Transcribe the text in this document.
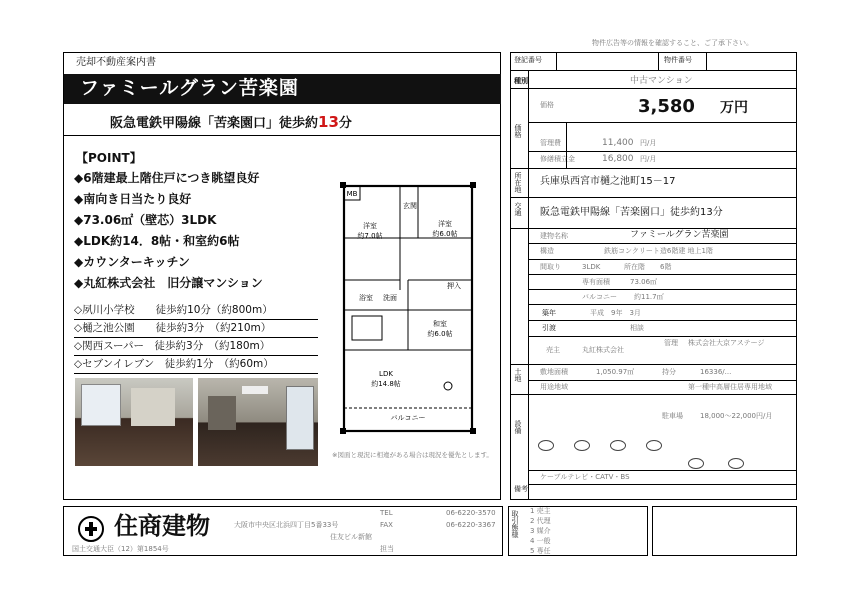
物件広告等の情報を確認すること、ご了承下さい。
売却不動産案内書
ファミールグラン苦楽園
阪急電鉄甲陽線「苦楽園口」徒歩約13分
【POINT】
◆6階建最上階住戸につき眺望良好
◆南向き日当たり良好
◆73.06㎡（壁芯）3LDK
◆LDK約14．8帖・和室約6帖
◆カウンターキッチン
◆丸紅株式会社　旧分譲マンション
◇夙川小学校　　徒歩約10分（約800m）
◇樋之池公園　　徒歩約3分　（約210m）
◇関西スーパー　徒歩約3分　（約180m）
◇セブンイレブン　徒歩約1分　（約60m）
MB
玄関
洋室
約7.0帖
洋室
約6.0帖
浴室 洗面
押入
和室
約6.0帖
LDK
約14.8帖
バルコニー
※図面と現況に相違がある場合は現況を優先とします。
登記番号	物件番号
種別	中古マンション
価格
価格	3,580 万円
管理費	11,400 円/月
修繕積立金	16,800 円/月
所在地 兵庫県西宮市樋之池町15－17
交通 阪急電鉄甲陽線「苦楽園口」徒歩約13分
建物名称	ファミールグラン苦楽園
構造	鉄筋コンクリート造6階建 地上1階
間取り	3LDK	所在階 6階
専有面積	73.06㎡
バルコニー 約11.7㎡
築年	平成　9年　3月
引渡	相談
売主	丸紅株式会社
管理 株式会社大京アステージ
土地	敷地面積	1,050.97㎡	持分	16336/...
用途地域	第一種中高層住居専用地域
設備
駐車場 18,000～22,000円/月
ケーブルテレビ・CATV・BS
備考
住商建物
国土交通大臣（12）第1854号
大阪市中央区北浜四丁目5番33号
住友ビル新館
TEL	06-6220-3570
FAX	06-6220-3367
担当
取引態様 1 売主
2 代理
3 媒介
4 一般
5 専任
